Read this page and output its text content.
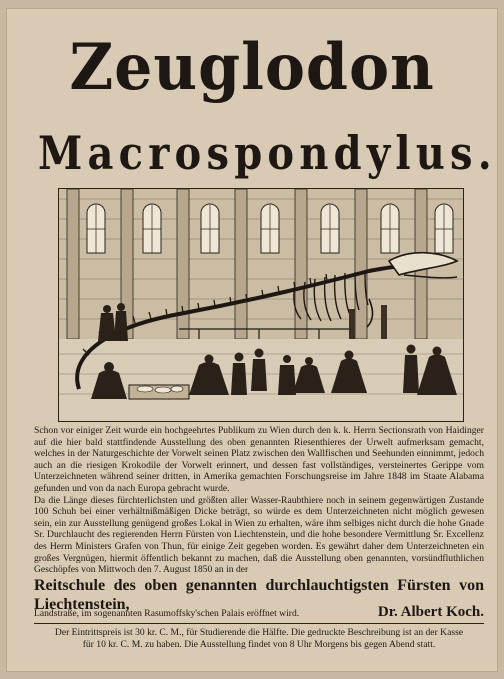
Zeuglodon
Macrospondylus.

Schon vor einiger Zeit wurde ein hochgeehrtes Publikum zu Wien durch den k. k. Herrn Sectionsrath von Haidinger auf die hier bald stattfindende Ausstellung des oben genannten Riesenthieres der Urwelt aufmerksam gemacht, welches in der Naturgeschichte der Vorwelt seinen Platz zwischen den Wallfischen und Seehunden einnimmt, jedoch auch an die riesigen Krokodile der Vorwelt erinnert, und dessen fast vollständiges, versteinertes Gerippe vom Unterzeichneten während seiner dritten, in Amerika gemachten Forschungsreise im Jahre 1848 im Staate Alabama gefunden und von da nach Europa gebracht wurde.

Da die Länge dieses fürchterlichsten und größten aller Wasser-Raubthiere noch in seinem gegenwärtigen Zustande 100 Schuh bei einer verhältnißmäßigen Dicke beträgt, so würde es dem Unterzeichneten nicht möglich gewesen sein, ein zur Ausstellung genügend großes Lokal in Wien zu erhalten, wäre ihm selbiges nicht durch die hohe Gnade Sr. Durchlaucht des regierenden Herrn Fürsten von Liechtenstein, und die hohe besondere Vermittlung Sr. Excellenz des Herrn Ministers Grafen von Thun, für einige Zeit gegeben worden. Es gewährt daher dem Unterzeichneten ein großes Vergnügen, hiermit öffentlich bekannt zu machen, daß die Ausstellung oben genannten, vorsündfluthlichen Geschöpfes von Mittwoch den 7. August 1850 an in der

Reitschule des oben genannten durchlauchtigsten Fürsten von Liechtenstein,

Landstraße, im sogenannten Rasumoffsky'schen Palais eröffnet wird.	Dr. Albert Koch.

Der Eintrittspreis ist 30 kr. C. M., für Studierende die Hälfte. Die gedruckte Beschreibung ist an der Kasse

für 10 kr. C. M. zu haben. Die Ausstellung findet von 8 Uhr Morgens bis gegen Abend statt.
